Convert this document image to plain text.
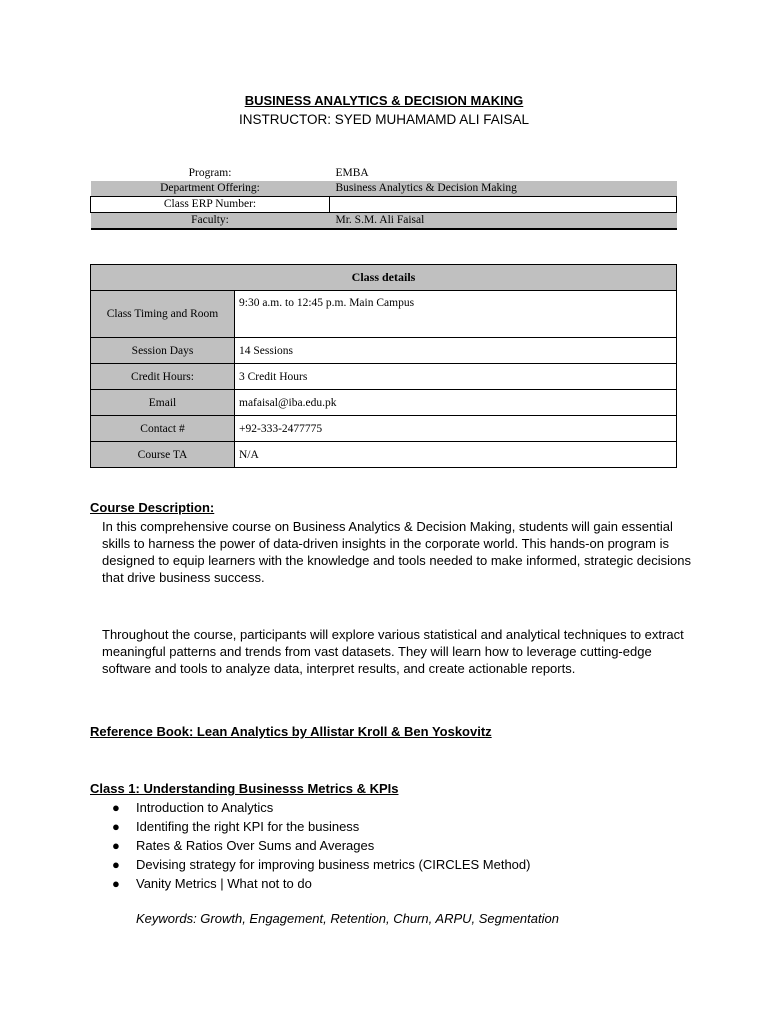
BUSINESS ANALYTICS & DECISION MAKING
INSTRUCTOR: SYED MUHAMAMD ALI FAISAL
Program:	EMBA
Department Offering:	Business Analytics & Decision Making
Class ERP Number:	
Faculty:	Mr. S.M. Ali Faisal
Class details	
Class Timing and Room	9:30 a.m. to 12:45 p.m. Main Campus
Session Days	14 Sessions
Credit Hours:	3 Credit Hours
Email	mafaisal@iba.edu.pk
Contact #	+92-333-2477775
Course TA	N/A
Course Description:
In this comprehensive course on Business Analytics & Decision Making, students will gain essential skills to harness the power of data-driven insights in the corporate world. This hands-on program is designed to equip learners with the knowledge and tools needed to make informed, strategic decisions that drive business success.
Throughout the course, participants will explore various statistical and analytical techniques to extract meaningful patterns and trends from vast datasets. They will learn how to leverage cutting-edge software and tools to analyze data, interpret results, and create actionable reports.
Reference Book: Lean Analytics by Allistar Kroll & Ben Yoskovitz
Class 1: Understanding Businesss Metrics & KPIs
● Introduction to Analytics
● Identifing the right KPI for the business
● Rates & Ratios Over Sums and Averages
● Devising strategy for improving business metrics (CIRCLES Method)
● Vanity Metrics | What not to do
Keywords: Growth, Engagement, Retention, Churn, ARPU, Segmentation
